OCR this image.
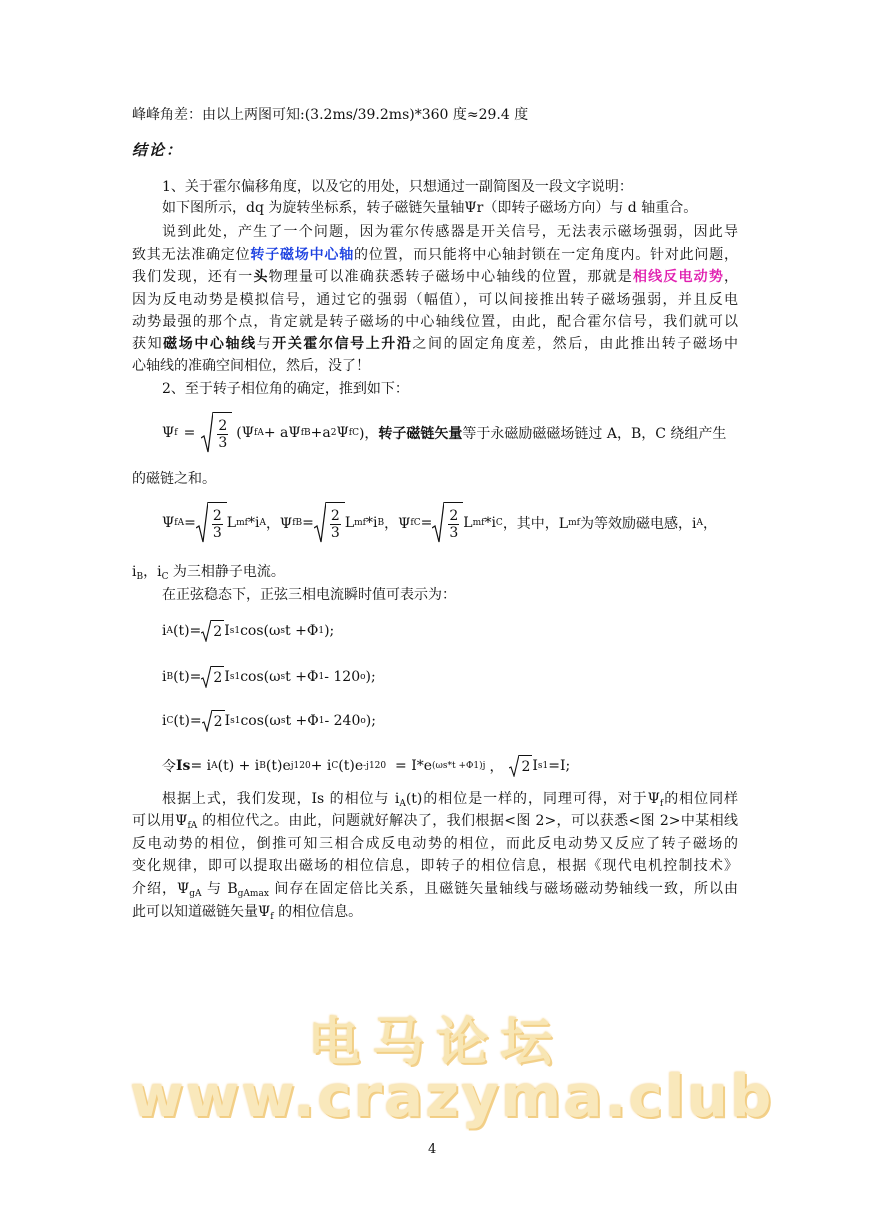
峰峰角差：由以上两图可知:(3.2ms/39.2ms)*360 度≈29.4 度
结论：
1、关于霍尔偏移角度，以及它的用处，只想通过一副简图及一段文字说明：
如下图所示，dq 为旋转坐标系，转子磁链矢量轴Ψr（即转子磁场方向）与 d 轴重合。
说到此处，产生了一个问题，因为霍尔传感器是开关信号，无法表示磁场强弱，因此导
致其无法准确定位转子磁场中心轴的位置，而只能将中心轴封锁在一定角度内。针对此问题，
我们发现，还有一头物理量可以准确获悉转子磁场中心轴线的位置，那就是相线反电动势，
因为反电动势是模拟信号，通过它的强弱（幅值），可以间接推出转子磁场强弱，并且反电
动势最强的那个点，肯定就是转子磁场的中心轴线位置，由此，配合霍尔信号，我们就可以
获知磁场中心轴线与开关霍尔信号上升沿之间的固定角度差，然后，由此推出转子磁场中
心轴线的准确空间相位，然后，没了！
2、至于转子相位角的确定，推到如下：
Ψ $f = \frac{2}{3} (\Psi$ fA + aΨ fB +a 2 Ψ fC )， 转子磁链矢量 等于永磁励磁磁场链过 A，B，C 绕组产生
的磁链之和。
Ψ fA = $\frac{2}{3}$ L mf *i A ，Ψ fB = $\frac{2}{3}$ L mf *i B ，Ψ fC = $\frac{2}{3}$ L mf *i C ，其中，L mf 为等效励磁电感，i A ，
$i_B$，$i_C$ 为三相静子电流。
在正弦稳态下，正弦三相电流瞬时值可表示为：
i A (t)= 2 I s1 cos(ω s t +Φ 1 );
i B (t)= 2 I s1 cos(ω s t +Φ 1 - 120 o );
i C (t)= 2 I s1 cos(ω s t +Φ 1 - 240 o );
令 Is = i A (t) + i B (t)e j120 + i C (t)e -j120 = I*e (ωs*t +Φ1)j ， 2 I s1 =I;
根据上式，我们发现，Is 的相位与 $i_A(t)$的相位是一样的，同理可得，对于$\Psi_f$的相位同样
可以用$\Psi_{fA}$ 的相位代之。由此，问题就好解决了，我们根据<图 2>，可以获悉<图 2>中某相线
反电动势的相位，倒推可知三相合成反电动势的相位，而此反电动势又反应了转子磁场的
变化规律，即可以提取出磁场的相位信息，即转子的相位信息，根据《现代电机控制技术》
介绍，$\Psi_{gA}$ 与 $B_{gAmax}$ 间存在固定倍比关系，且磁链矢量轴线与磁场磁动势轴线一致，所以由
此可以知道磁链矢量$\Psi_f$ 的相位信息。
电马论坛
www.crazyma.club
4
